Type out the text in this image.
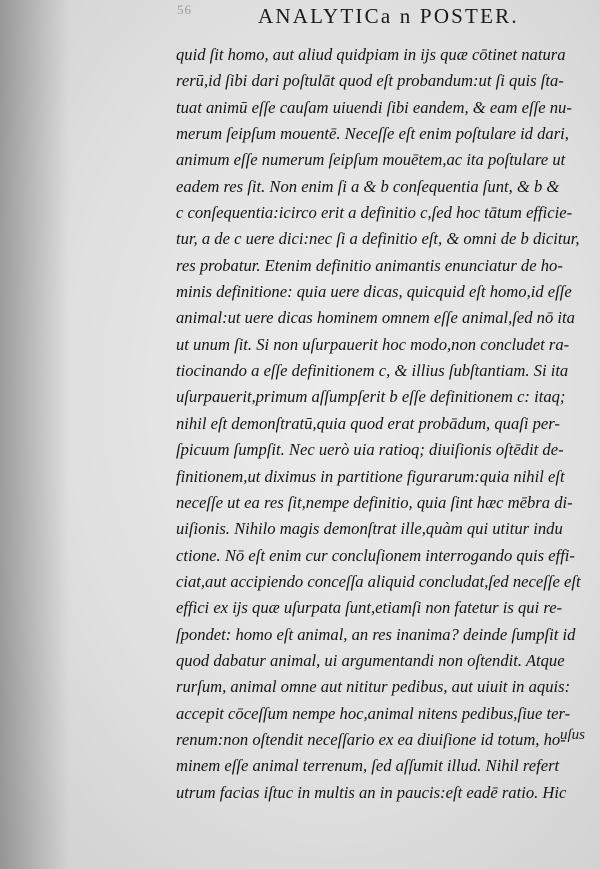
56	ANALYTICa n POSTER.
quid ſit homo, aut aliud quidpiam in ijs quæ cōtinet natura
rerū,id ſibi dari poſtulāt quod eſt probandum:ut ſi quis ſta-
tuat animū eſſe cauſam uiuendi ſibi eandem, & eam eſſe nu-
merum ſeipſum mouentē. Neceſſe eſt enim poſtulare id dari,
animum eſſe numerum ſeipſum mouētem,ac ita poſtulare ut
eadem res ſit. Non enim ſi a & b conſequentia ſunt, & b &
c conſequentia:icirco erit a definitio c,ſed hoc tātum efficie-
tur, a de c uere dici:nec ſi a definitio eſt, & omni de b dicitur,
res probatur. Etenim definitio animantis enunciatur de ho-
minis definitione: quia uere dicas, quicquid eſt homo,id eſſe
animal:ut uere dicas hominem omnem eſſe animal,ſed nō ita
ut unum ſit. Si non uſurpauerit hoc modo,non concludet ra-
tiocinando a eſſe definitionem c, & illius ſubſtantiam. Si ita
uſurpauerit,primum aſſumpſerit b eſſe definitionem c: itaq;
nihil eſt demonſtratū,quia quod erat probādum, quaſi per-
ſpicuum ſumpſit. Nec uerò uia ratioq; diuiſionis oſtēdit de-
finitionem,ut diximus in partitione figurarum:quia nihil eſt
neceſſe ut ea res ſit,nempe definitio, quia ſint hæc mēbra di-
uiſionis. Nihilo magis demonſtrat ille,quàm qui utitur indu
ctione. Nō eſt enim cur concluſionem interrogando quis effi-
ciat,aut accipiendo conceſſa aliquid concludat,ſed neceſſe eſt
effici ex ijs quæ uſurpata ſunt,etiamſi non fatetur is qui re-
ſpondet: homo eſt animal, an res inanima? deinde ſumpſit id
quod dabatur animal, ui argumentandi non oſtendit. Atque
rurſum, animal omne aut nititur pedibus, aut uiuit in aquis:
accepit cōceſſum nempe hoc,animal nitens pedibus,ſiue ter-
renum:non oſtendit neceſſario ex ea diuiſione id totum, ho-
minem eſſe animal terrenum, ſed aſſumit illud. Nihil refert
utrum facias iſtuc in multis an in paucis:eſt eadē ratio. Hic
uſus
